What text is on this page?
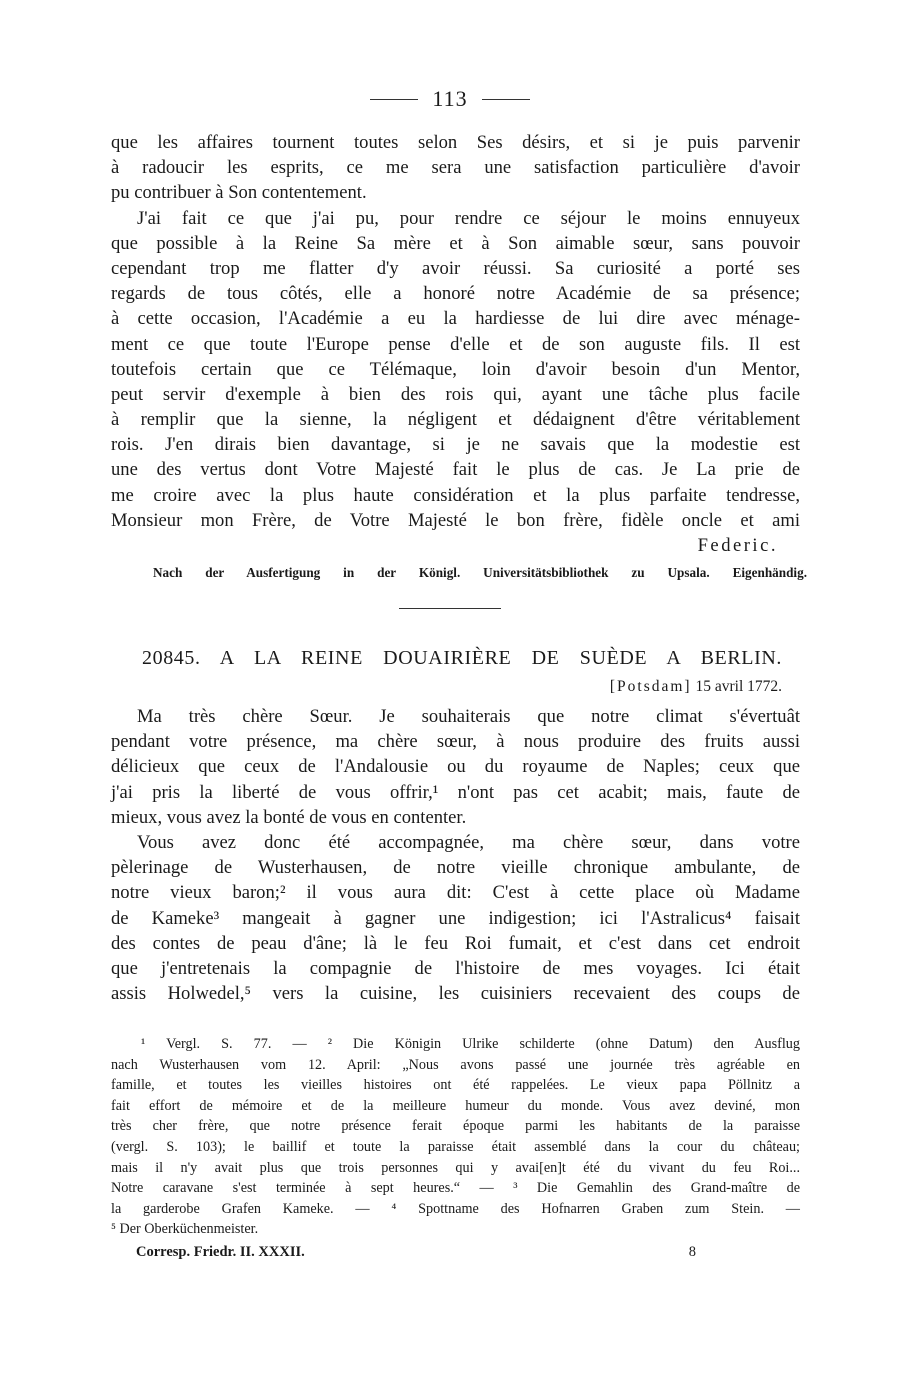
113
que les affaires tournent toutes selon Ses désirs, et si je puis parvenir
à radoucir les esprits, ce me sera une satisfaction particulière d'avoir
pu contribuer à Son contentement.
J'ai fait ce que j'ai pu, pour rendre ce séjour le moins ennuyeux
que possible à la Reine Sa mère et à Son aimable sœur, sans pouvoir
cependant trop me flatter d'y avoir réussi. Sa curiosité a porté ses
regards de tous côtés, elle a honoré notre Académie de sa présence;
à cette occasion, l'Académie a eu la hardiesse de lui dire avec ménage-
ment ce que toute l'Europe pense d'elle et de son auguste fils. Il est
toutefois certain que ce Télémaque, loin d'avoir besoin d'un Mentor,
peut servir d'exemple à bien des rois qui, ayant une tâche plus facile
à remplir que la sienne, la négligent et dédaignent d'être véritablement
rois. J'en dirais bien davantage, si je ne savais que la modestie est
une des vertus dont Votre Majesté fait le plus de cas. Je La prie de
me croire avec la plus haute considération et la plus parfaite tendresse,
Monsieur mon Frère, de Votre Majesté le bon frère, fidèle oncle et ami
Federic.
Nach der Ausfertigung in der Königl. Universitätsbibliothek zu Upsala. Eigenhändig.
20845. A LA REINE DOUAIRIÈRE DE SUÈDE A BERLIN.
[Potsdam] 15 avril 1772.
Ma très chère Sœur. Je souhaiterais que notre climat s'évertuât
pendant votre présence, ma chère sœur, à nous produire des fruits aussi
délicieux que ceux de l'Andalousie ou du royaume de Naples; ceux que
j'ai pris la liberté de vous offrir,¹ n'ont pas cet acabit; mais, faute de
mieux, vous avez la bonté de vous en contenter.
Vous avez donc été accompagnée, ma chère sœur, dans votre
pèlerinage de Wusterhausen, de notre vieille chronique ambulante, de
notre vieux baron;² il vous aura dit: C'est à cette place où Madame
de Kameke³ mangeait à gagner une indigestion; ici l'Astralicus⁴ faisait
des contes de peau d'âne; là le feu Roi fumait, et c'est dans cet endroit
que j'entretenais la compagnie de l'histoire de mes voyages. Ici était
assis Holwedel,⁵ vers la cuisine, les cuisiniers recevaient des coups de
¹ Vergl. S. 77. — ² Die Königin Ulrike schilderte (ohne Datum) den Ausflug
nach Wusterhausen vom 12. April: „Nous avons passé une journée très agréable en
famille, et toutes les vieilles histoires ont été rappelées. Le vieux papa Pöllnitz a
fait effort de mémoire et de la meilleure humeur du monde. Vous avez deviné, mon
très cher frère, que notre présence ferait époque parmi les habitants de la paraisse
(vergl. S. 103); le baillif et toute la paraisse était assemblé dans la cour du château;
mais il n'y avait plus que trois personnes qui y avai[en]t été du vivant du feu Roi...
Notre caravane s'est terminée à sept heures.“ — ³ Die Gemahlin des Grand-maître de
la garderobe Grafen Kameke. — ⁴ Spottname des Hofnarren Graben zum Stein. —
⁵ Der Oberküchenmeister.
Corresp. Friedr. II. XXXII.	8
